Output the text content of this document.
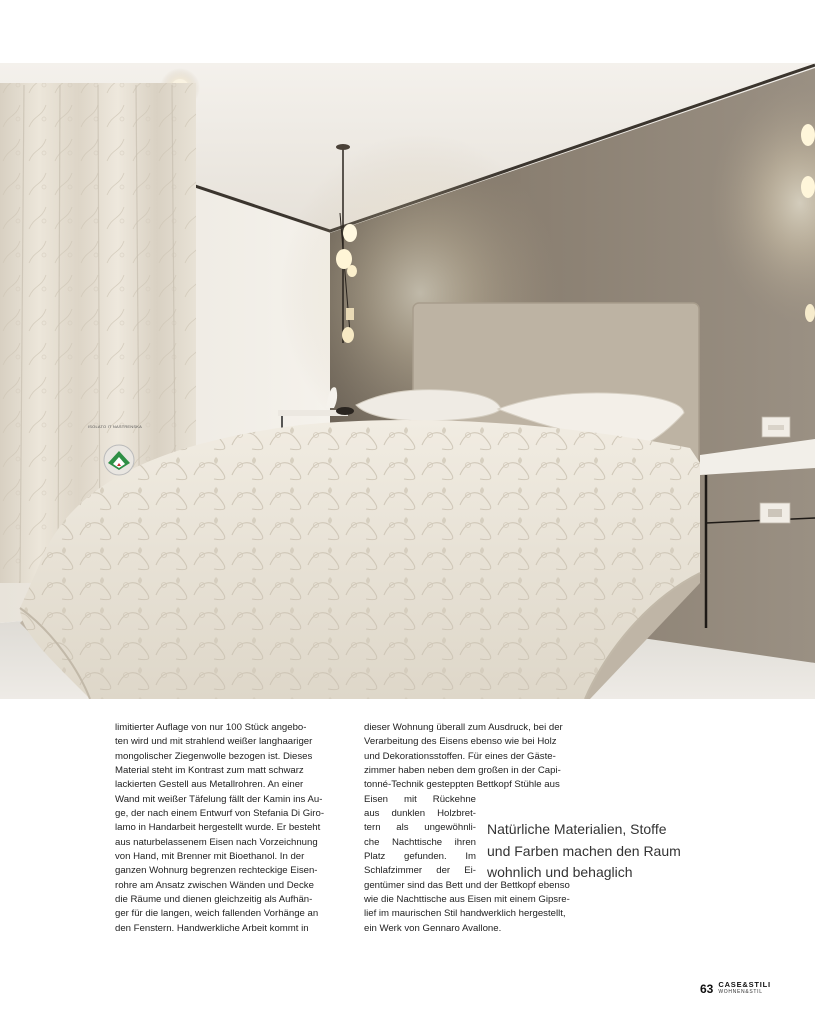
ISOLATO IT NASTRENSKA

limitierter Auflage von nur 100 Stück angebo-
ten wird und mit strahlend weißer langhaariger
mongolischer Ziegenwolle bezogen ist. Dieses
Material steht im Kontrast zum matt schwarz
lackierten Gestell aus Metallrohren. An einer
Wand mit weißer Täfelung fällt der Kamin ins Au-
ge, der nach einem Entwurf von Stefania Di Giro-
lamo in Handarbeit hergestellt wurde. Er besteht
aus naturbelassenem Eisen nach Vorzeichnung
von Hand, mit Brenner mit Bioethanol. In der
ganzen Wohnurg begrenzen rechteckige Eisen-
rohre am Ansatz zwischen Wänden und Decke
die Räume und dienen gleichzeitig als Aufhän-
ger für die langen, weich fallenden Vorhänge an
den Fenstern. Handwerkliche Arbeit kommt in

dieser Wohnung überall zum Ausdruck, bei der
Verarbeitung des Eisens ebenso wie bei Holz
und Dekorationsstoffen. Für eines der Gäste-
zimmer haben neben dem großen in der Capi-
tonné-Technik gesteppten Bettkopf Stühle aus
Eisen mit Rückehne
aus dunklen Holzbret-
tern als ungewöhnli-
che Nachttische ihren
Platz gefunden. Im
Schlafzimmer der Ei-
gentümer sind das Bett und der Bettkopf ebenso
wie die Nachttische aus Eisen mit einem Gipsre-
lief im maurischen Stil handwerklich hergestellt,
ein Werk von Gennaro Avallone.

Natürliche Materialien, Stoffe
und Farben machen den Raum
wohnlich und behaglich
63 CASE&STILI
WOHNEN&STIL
